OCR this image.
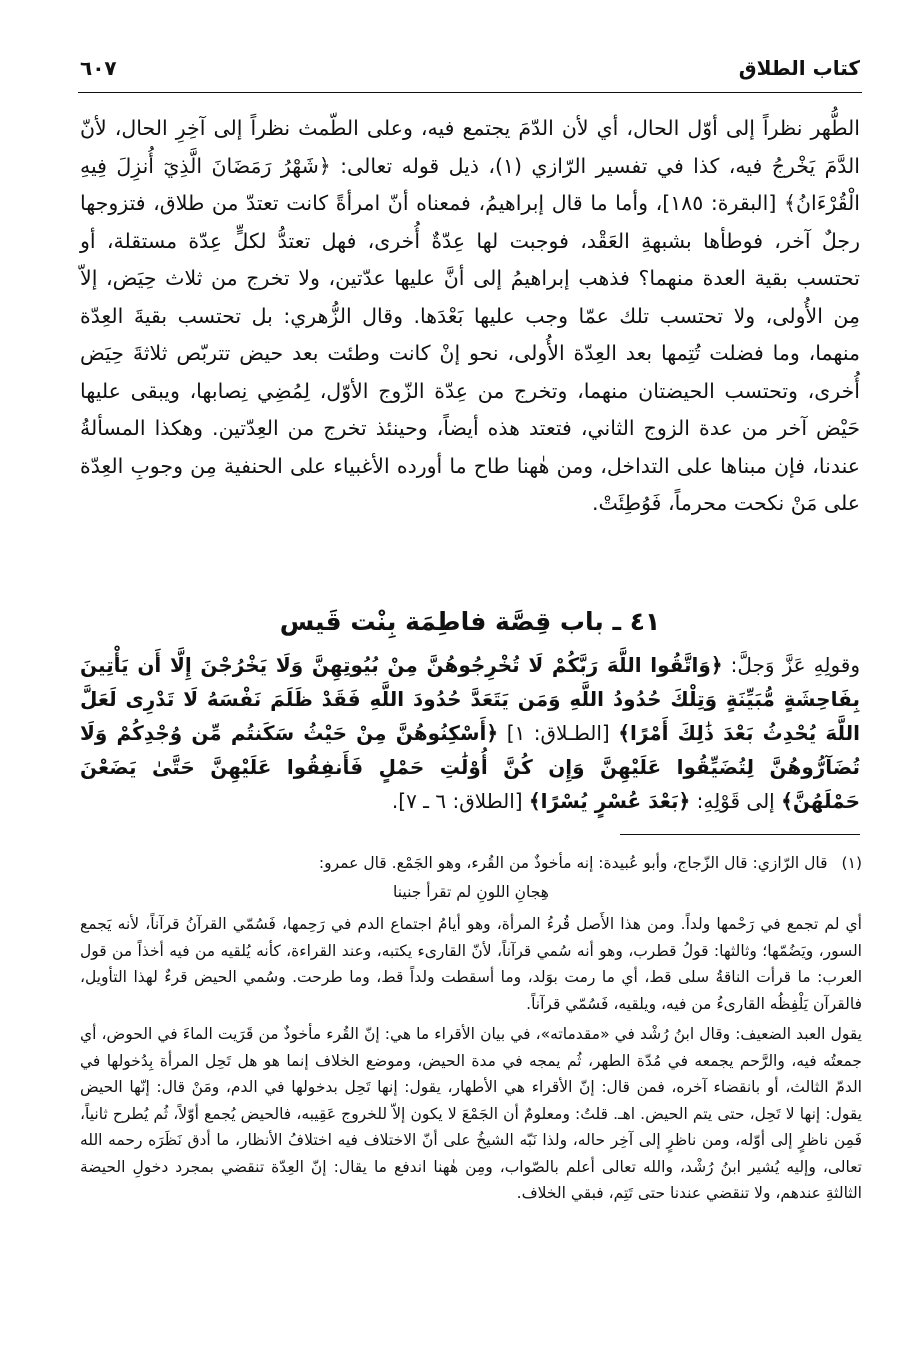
كتاب الطلاق
٦٠٧

الطُّهر نظراً إلى أوّل الحال، أي لأن الدّمَ يجتمع فيه، وعلى الطّمث نظراً إلى آخِرِ الحال، لأنّ الدَّمَ يَخْرجُ فيه، كذا في تفسير الرّازي (١)، ذيل قوله تعالى: ﴿شَهْرُ رَمَضَانَ الَّذِيٓ أُنزِلَ فِيهِ الْقُرْءَانُ﴾ [البقرة: ١٨٥]، وأما ما قال إبراهيمُ، فمعناه أنّ امرأةً كانت تعتدّ من طلاق، فتزوجها رجلٌ آخر، فوطأها بشبهةِ العَقْد، فوجبت لها عِدّةٌ أُخرى، فهل تعتدُّ لكلٍّ عِدّة مستقلة، أو تحتسب بقية العدة منهما؟ فذهب إبراهيمُ إلى أنَّ عليها عدّتين، ولا تخرج من ثلاث حِيَض، إلاّ مِن الأُولى، ولا تحتسب تلك عمّا وجب عليها بَعْدَها. وقال الزُّهري: بل تحتسب بقيةَ العِدّة منهما، وما فضلت تُتِمها بعد العِدّة الأُولى، نحو إنْ كانت وطئت بعد حيض تتربّص ثلاثةَ حِيَض أُخرى، وتحتسب الحيضتان منهما، وتخرج من عِدّة الزّوج الأوّل، لِمُضِي نِصابها، ويبقى عليها حَيْض آخر من عدة الزوج الثاني، فتعتد هذه أيضاً، وحينئذ تخرج من العِدّتين. وهكذا المسألةُ عندنا، فإن مبناها على التداخل، ومن هٰهنا طاح ما أورده الأغبياء على الحنفية مِن وجوبِ العِدّة على مَنْ نكحت محرماً، فَوُطِئَتْ.

٤١ ـ باب قِصَّة فاطِمَة بِنْت قَيس
وقولِهِ عَزَّ وَجلَّ: ﴿وَاتَّقُوا اللَّهَ رَبَّكُمْ لَا تُخْرِجُوهُنَّ مِنْ بُيُوتِهِنَّ وَلَا يَخْرُجْنَ إِلَّا أَن يَأْتِينَ بِفَاحِشَةٍ مُّبَيِّنَةٍ وَتِلْكَ حُدُودُ اللَّهِ وَمَن يَتَعَدَّ حُدُودَ اللَّهِ فَقَدْ ظَلَمَ نَفْسَهُ لَا تَدْرِى لَعَلَّ اللَّهَ يُحْدِثُ بَعْدَ ذَٰلِكَ أَمْرًا﴾ [الطـلاق: ١] ﴿أَسْكِنُوهُنَّ مِنْ حَيْثُ سَكَنتُم مِّن وُجْدِكُمْ وَلَا تُضَآرُّوهُنَّ لِتُضَيِّقُوا عَلَيْهِنَّ وَإِن كُنَّ أُوْلَٰتِ حَمْلٍ فَأَنفِقُوا عَلَيْهِنَّ حَتَّىٰ يَضَعْنَ حَمْلَهُنَّ﴾ إلى قَوْلِهِ: ﴿بَعْدَ عُسْرٍ يُسْرًا﴾ [الطلاق: ٦ ـ ٧].

(١)قال الرّازي: قال الزّجاج، وأبو عُبيدة: إنه مأخوذٌ من القُرء، وهو الجَمْع. قال عمرو:

هِجانِ اللونِ لم تقرأ جنينا

أي لم تجمع في رَحْمها ولداً. ومن هذا الأَصل قُرءُ المرأة، وهو أيامُ اجتماع الدم في رَحِمها، فَسُمّي القرآنُ قرآناً، لأنه يَجمع السور، ويَضُمّها؛ وثالثها: قولُ قطرب، وهو أنه سُمي قرآناً، لأنّ القارىء يكتبه، وعند القراءة، كأنه يُلقيه من فيه أخذاً من قول العرب: ما قرأت الناقةُ سلى قط، أي ما رمت بوَلد، وما أسقطت ولداً قط، وما طرحت. وسُمي الحيض قرءٌ لهذا التأويل، فالقرآن يَلْفِظُه القارىءُ من فيه، ويلقيه، فَسُمّي قرآناً.

يقول العبد الضعيف: وقال ابنُ رُشْد في «مقدماته»، في بيان الأقراء ما هي: إنّ القُرء مأخوذٌ من قَرَيت الماءَ في الحوض، أي جمعتُه فيه، والرَّحم يجمعه في مُدّة الطهر، ثُم يمجه في مدة الحيض، وموضع الخلاف إنما هو هل تَحِل المرأة بِدُخولها في الدمّ الثالث، أو بانقضاء آخره، فمن قال: إنّ الأقراء هي الأطهار، يقول: إنها تَحِل بدخولها في الدم، ومَنْ قال: إنّها الحيض يقول: إنها لا تَحِل، حتى يتم الحيض. اهـ. قلتُ: ومعلومٌ أن الجَمْعَ لا يكون إلاّ للخروج عَقِيبه، فالحيض يُجمع أوّلاً، ثُم يُطرح ثانياً، فَمِن ناظرٍ إلى أوّله، ومن ناظرٍ إلى آخِر حاله، ولذا نَبّه الشيخُ على أنّ الاختلاف فيه اختلافُ الأنظار، ما أدق نَظَرَه رحمه الله تعالى، وإليه يُشير ابنُ رُشْد، والله تعالى أعلم بالصّواب، ومِن هٰهنا اندفع ما يقال: إنّ العِدّة تنقضي بمجرد دخولِ الحيضة الثالثةِ عندهم، ولا تنقضي عندنا حتى تَتِم، فبقي الخلاف.
